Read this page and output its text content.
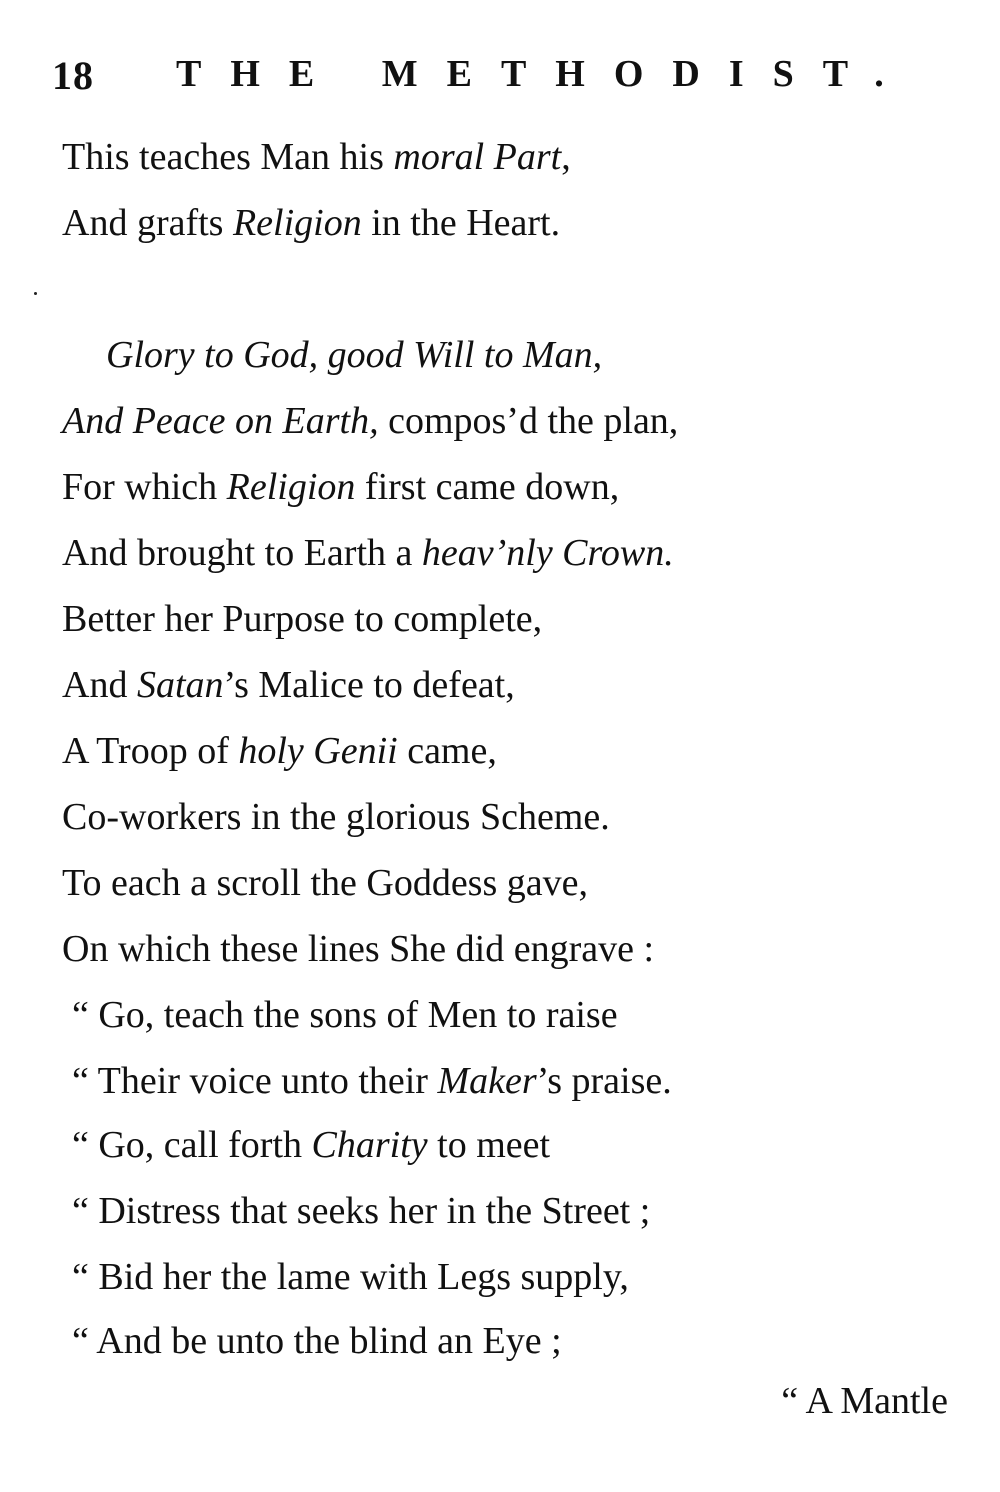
18 THE METHODIST.
This teaches Man his moral Part,
And grafts Religion in the Heart.
Glory to God, good Will to Man,
And Peace on Earth, compos’d the plan,
For which Religion first came down,
And brought to Earth a heav’nly Crown.
Better her Purpose to complete,
And Satan’s Malice to defeat,
A Troop of holy Genii came,
Co-workers in the glorious Scheme.
To each a scroll the Goddess gave,
On which these lines She did engrave :
“ Go, teach the sons of Men to raise
“ Their voice unto their Maker’s praise.
“ Go, call forth Charity to meet
“ Distress that seeks her in the Street ;
“ Bid her the lame with Legs supply,
“ And be unto the blind an Eye ;
“ A Mantle
